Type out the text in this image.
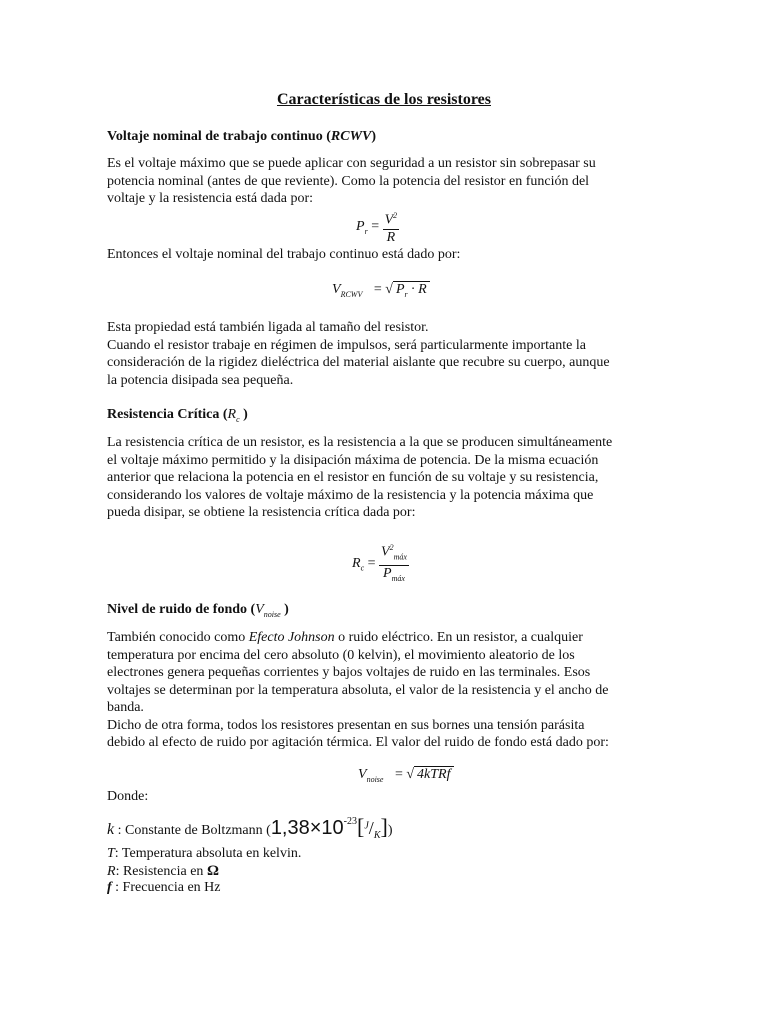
Características de los resistores
Voltaje nominal de trabajo continuo (RCWV)
Es el voltaje máximo que se puede aplicar con seguridad a un resistor sin sobrepasar su
potencia nominal (antes de que reviente). Como la potencia del resistor en función del
voltaje y la resistencia está dada por:
$P_r = \frac{V^2}{R}$
Entonces el voltaje nominal del trabajo continuo está dado por:
$V_{RCWV}$ = √ $P_r \cdot R$
Esta propiedad está también ligada al tamaño del resistor.
Cuando el resistor trabaje en régimen de impulsos, será particularmente importante la
consideración de la rigidez dieléctrica del material aislante que recubre su cuerpo, aunque
la potencia disipada sea pequeña.
Resistencia Crítica ($R_c$ )
La resistencia crítica de un resistor, es la resistencia a la que se producen simultáneamente
el voltaje máximo permitido y la disipación máxima de potencia. De la misma ecuación
anterior que relaciona la potencia en el resistor en función de su voltaje y su resistencia,
considerando los valores de voltaje máximo de la resistencia y la potencia máxima que
pueda disipar, se obtiene la resistencia crítica dada por:
$R_c = \frac{V^2_{máx}}{P_{máx}}$
Nivel de ruido de fondo ($V_{noise}$ )
También conocido como Efecto Johnson o ruido eléctrico. En un resistor, a cualquier
temperatura por encima del cero absoluto (0 kelvin), el movimiento aleatorio de los
electrones genera pequeñas corrientes y bajos voltajes de ruido en las terminales. Esos
voltajes se determinan por la temperatura absoluta, el valor de la resistencia y el ancho de
banda.
Dicho de otra forma, todos los resistores presentan en sus bornes una tensión parásita
debido al efecto de ruido por agitación térmica. El valor del ruido de fondo está dado por:
$V_{noise}$ = √ 4kTRf
Donde:
k : Constante de Boltzmann $(1,38\times 10^{-23}[^J/_K])$
T: Temperatura absoluta en kelvin.
R: Resistencia en Ω
f : Frecuencia en Hz
